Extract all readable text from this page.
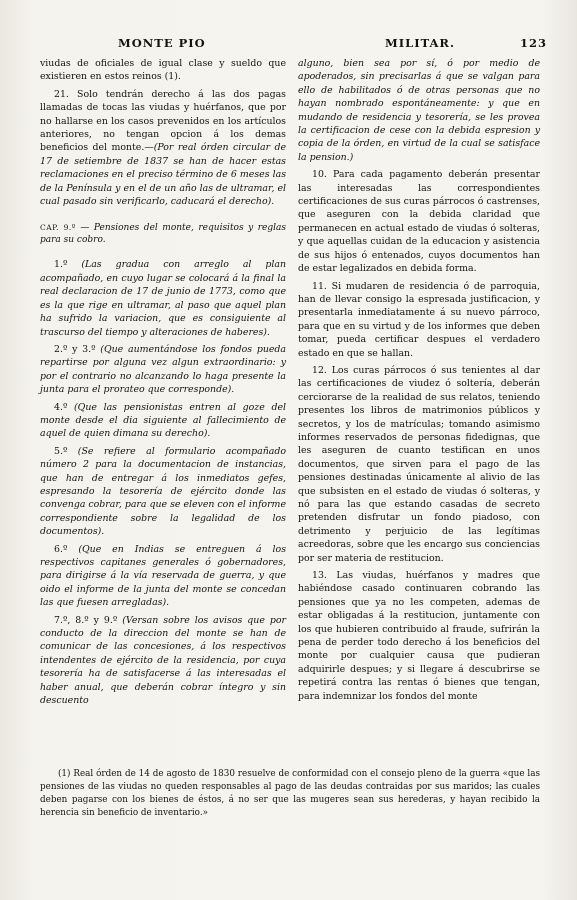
MONTE PIO	MILITAR.	123

viudas de oficiales de igual clase y sueldo que existieren en estos reinos (1).

21. Solo tendrán derecho á las dos pagas llamadas de tocas las viudas y huérfanos, que por no hallarse en los casos prevenidos en los artículos anteriores, no tengan opcion á los demas beneficios del monte.—(Por real órden circular de 17 de setiembre de 1837 se han de hacer estas reclamaciones en el preciso término de 6 meses las de la Península y en el de un año las de ultramar, el cual pasado sin verificarlo, caducará el derecho).

CAP. 9.º — Pensiones del monte, requisitos y reglas para su cobro.

1.º (Las gradua con arreglo al plan acompañado, en cuyo lugar se colocará á la final la real declaracion de 17 de junio de 1773, como que es la que rige en ultramar, al paso que aquel plan ha sufrido la variacion, que es consiguiente al trascurso del tiempo y alteraciones de haberes).

2.º y 3.º (Que aumentándose los fondos pueda repartirse por alguna vez algun extraordinario: y por el contrario no alcanzando lo haga presente la junta para el prorateo que corresponde).

4.º (Que las pensionistas entren al goze del monte desde el dia siguiente al fallecimiento de aquel de quien dimana su derecho).

5.º (Se refiere al formulario acompañado número 2 para la documentacion de instancias, que han de entregar á los inmediatos gefes, espresando la tesorería de ejército donde las convenga cobrar, para que se eleven con el informe correspondiente sobre la legalidad de los documentos).

6.º (Que en Indias se entreguen á los respectivos capitanes generales ó gobernadores, para dirigirse á la vía reservada de guerra, y que oido el informe de la junta del monte se concedan las que fuesen arregladas).

7.º, 8.º y 9.º (Versan sobre los avisos que por conducto de la direccion del monte se han de comunicar de las concesiones, á los respectivos intendentes de ejército de la residencia, por cuya tesorería ha de satisfacerse á las interesadas el haber anual, que deberán cobrar íntegro y sin descuento

alguno, bien sea por sí, ó por medio de apoderados, sin precisarlas á que se valgan para ello de habilitados ó de otras personas que no hayan nombrado espontáneamente: y que en mudando de residencia y tesorería, se les provea la certificacion de cese con la debida espresion y copia de la órden, en virtud de la cual se satisface la pension.)

10. Para cada pagamento deberán presentar las interesadas las correspondientes certificaciones de sus curas párrocos ó castrenses, que aseguren con la debida claridad que permanecen en actual estado de viudas ó solteras, y que aquellas cuidan de la educacion y asistencia de sus hijos ó entenados, cuyos documentos han de estar legalizados en debida forma.

11. Si mudaren de residencia ó de parroquia, han de llevar consigo la espresada justificacion, y presentarla inmediatamente á su nuevo párroco, para que en su virtud y de los informes que deben tomar, pueda certificar despues el verdadero estado en que se hallan.

12. Los curas párrocos ó sus tenientes al dar las certificaciones de viudez ó soltería, deberán cerciorarse de la realidad de sus relatos, teniendo presentes los libros de matrimonios públicos y secretos, y los de matrículas; tomando asimismo informes reservados de personas fidedignas, que les aseguren de cuanto testifican en unos documentos, que sirven para el pago de las pensiones destinadas únicamente al alivio de las que subsisten en el estado de viudas ó solteras, y nó para las que estando casadas de secreto pretenden disfrutar un fondo piadoso, con detrimento y perjuicio de las legítimas acreedoras, sobre que les encargo sus conciencias por ser materia de restitucion.

13. Las viudas, huérfanos y madres que habiéndose casado continuaren cobrando las pensiones que ya no les competen, ademas de estar obligadas á la restitucion, juntamente con los que hubieren contribuido al fraude, sufrirán la pena de perder todo derecho á los beneficios del monte por cualquier causa que pudieran adquirirle despues; y si llegare á descubrirse se repetirá contra las rentas ó bienes que tengan, para indemnizar los fondos del monte

(1) Real órden de 14 de agosto de 1830 resuelve de conformidad con el consejo pleno de la guerra «que las pensiones de las viudas no queden responsables al pago de las deudas contraidas por sus maridos; las cuales deben pagarse con los bienes de éstos, á no ser que las mugeres sean sus herederas, y hayan recibido la herencia sin beneficio de inventario.»
